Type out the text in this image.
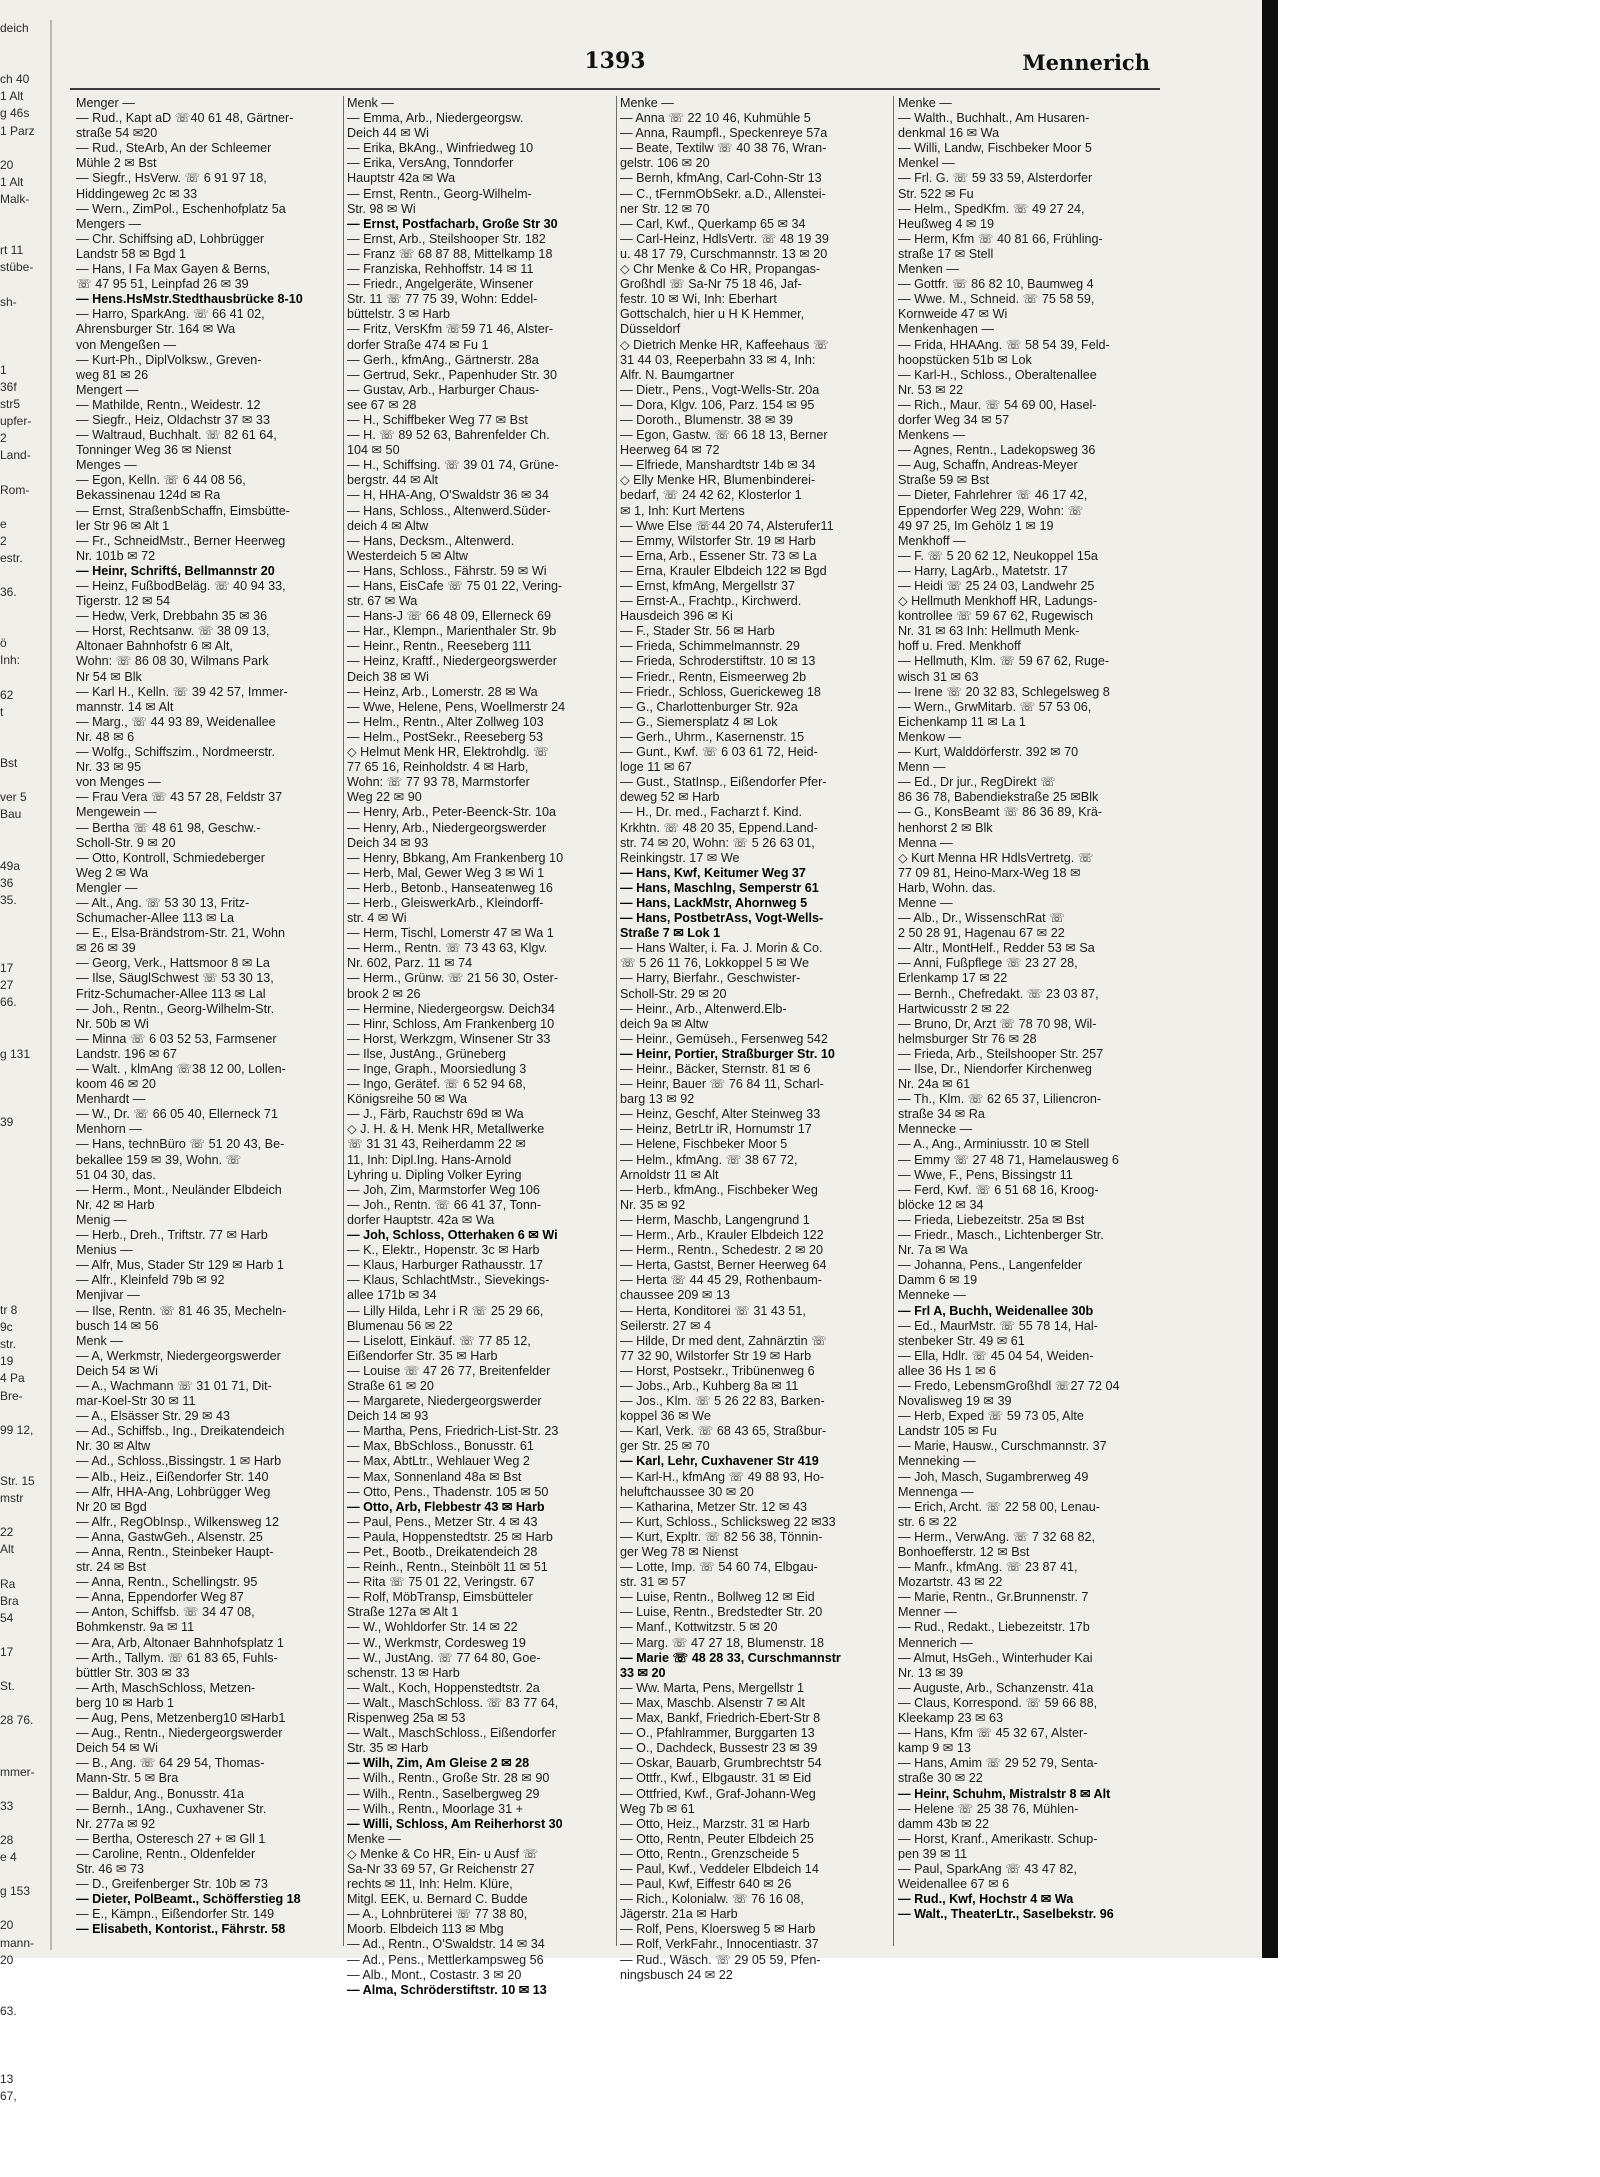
deich
ch 40
1 Alt
g 46s
1 Parz
20
1 Alt
Malk-
rt 11
stübe-
sh-
1
36f
str5
upfer-
2
Land-
Rom-
e
2
estr.
36.
ö
Inh:
62
t
Bst
ver 5
Bau
49a
36
35.
17
27
66.
g 131
39
tr 8
9c
str.
19
4 Pa
Bre-
99 12,
Str. 15
mstr
22
Alt
Ra
Bra
54
17
St.
28 76.
mmer-
33
28
e 4
g 153
20
mann-
20
63.
13
67,
1393	Mennerich
Menger —
— Rud., Kapt aD ☏40 61 48, Gärtner-
straße 54 ✉20
— Rud., SteArb, An der Schleemer
Mühle 2 ✉ Bst
— Siegfr., HsVerw. ☏ 6 91 97 18,
Hiddingeweg 2c ✉ 33
— Wern., ZimPol., Eschenhofplatz 5a
Mengers —
— Chr. Schiffsing aD, Lohbrügger
Landstr 58 ✉ Bgd 1
— Hans, I Fa Max Gayen & Berns,
☏ 47 95 51, Leinpfad 26 ✉ 39
— Hens.HsMstr.Stedthausbrücke 8-10
— Harro, SparkAng. ☏ 66 41 02,
Ahrensburger Str. 164 ✉ Wa
von Mengeßen —
— Kurt-Ph., DiplVolksw., Greven-
weg 81 ✉ 26
Mengert —
— Mathilde, Rentn., Weidestr. 12
— Siegfr., Heiz, Oldachstr 37 ✉ 33
— Waltraud, Buchhalt. ☏ 82 61 64,
Tonninger Weg 36 ✉ Nienst
Menges —
— Egon, Kelln. ☏ 6 44 08 56,
Bekassinenau 124d ✉ Ra
— Ernst, StraßenbSchaffn, Eimsbütte-
ler Str 96 ✉ Alt 1
— Fr., SchneidMstr., Berner Heerweg
Nr. 101b ✉ 72
— Heinr, Schriftś, Bellmannstr 20
— Heinz, FußbodBeläg. ☏ 40 94 33,
Tigerstr. 12 ✉ 54
— Hedw, Verk, Drebbahn 35 ✉ 36
— Horst, Rechtsanw. ☏ 38 09 13,
Altonaer Bahnhofstr 6 ✉ Alt,
Wohn: ☏ 86 08 30, Wilmans Park
Nr 54 ✉ Blk
— Karl H., Kelln. ☏ 39 42 57, Immer-
mannstr. 14 ✉ Alt
— Marg., ☏ 44 93 89, Weidenallee
Nr. 48 ✉ 6
— Wolfg., Schiffszim., Nordmeerstr.
Nr. 33 ✉ 95
von Menges —
— Frau Vera ☏ 43 57 28, Feldstr 37
Mengewein —
— Bertha ☏ 48 61 98, Geschw.-
Scholl-Str. 9 ✉ 20
— Otto, Kontroll, Schmiedeberger
Weg 2 ✉ Wa
Mengler —
— Alt., Ang. ☏ 53 30 13, Fritz-
Schumacher-Allee 113 ✉ La
— E., Elsa-Brändstrom-Str. 21, Wohn
✉ 26 ✉ 39
— Georg, Verk., Hattsmoor 8 ✉ La
— Ilse, SäuglSchwest ☏ 53 30 13,
Fritz-Schumacher-Allee 113 ✉ Lal
— Joh., Rentn., Georg-Wilhelm-Str.
Nr. 50b ✉ Wi
— Minna ☏ 6 03 52 53, Farmsener
Landstr. 196 ✉ 67
— Walt. , klmAng ☏38 12 00, Lollen-
koom 46 ✉ 20
Menhardt —
— W., Dr. ☏ 66 05 40, Ellerneck 71
Menhorn —
— Hans, technBüro ☏ 51 20 43, Be-
bekallee 159 ✉ 39, Wohn. ☏
51 04 30, das.
— Herm., Mont., Neuländer Elbdeich
Nr. 42 ✉ Harb
Menig —
— Herb., Dreh., Triftstr. 77 ✉ Harb
Menius —
— Alfr, Mus, Stader Str 129 ✉ Harb 1
— Alfr., Kleinfeld 79b ✉ 92
Menjivar —
— Ilse, Rentn. ☏ 81 46 35, Mecheln-
busch 14 ✉ 56
Menk —
— A, Werkmstr, Niedergeorgswerder
Deich 54 ✉ Wi
— A., Wachmann ☏ 31 01 71, Dit-
mar-Koel-Str 30 ✉ 11
— A., Elsässer Str. 29 ✉ 43
— Ad., Schiffsb., Ing., Dreikatendeich
Nr. 30 ✉ Altw
— Ad., Schloss.,Bissingstr. 1 ✉ Harb
— Alb., Heiz., Eißendorfer Str. 140
— Alfr, HHA-Ang, Lohbrügger Weg
Nr 20 ✉ Bgd
— Alfr., RegObInsp., Wilkensweg 12
— Anna, GastwGeh., Alsenstr. 25
— Anna, Rentn., Steinbeker Haupt-
str. 24 ✉ Bst
— Anna, Rentn., Schellingstr. 95
— Anna, Eppendorfer Weg 87
— Anton, Schiffsb. ☏ 34 47 08,
Bohmkenstr. 9a ✉ 11
— Ara, Arb, Altonaer Bahnhofsplatz 1
— Arth., Tallym. ☏ 61 83 65, Fuhls-
büttler Str. 303 ✉ 33
— Arth, MaschSchloss, Metzen-
berg 10 ✉ Harb 1
— Aug, Pens, Metzenberg10 ✉Harb1
— Aug., Rentn., Niedergeorgswerder
Deich 54 ✉ Wi
— B., Ang. ☏ 64 29 54, Thomas-
Mann-Str. 5 ✉ Bra
— Baldur, Ang., Bonusstr. 41a
— Bernh., 1Ang., Cuxhavener Str.
Nr. 277a ✉ 92
— Bertha, Osteresch 27 + ✉ Gll 1
— Caroline, Rentn., Oldenfelder
Str. 46 ✉ 73
— D., Greifenberger Str. 10b ✉ 73
— Dieter, PolBeamt., Schöfferstieg 18
— E., Kämpn., Eißendorfer Str. 149
— Elisabeth, Kontorist., Fährstr. 58
Menk —
— Emma, Arb., Niedergeorgsw.
Deich 44 ✉ Wi
— Erika, BkAng., Winfriedweg 10
— Erika, VersAng, Tonndorfer
Hauptstr 42a ✉ Wa
— Ernst, Rentn., Georg-Wilhelm-
Str. 98 ✉ Wi
— Ernst, Postfacharb, Große Str 30
— Ernst, Arb., Steilshooper Str. 182
— Franz ☏ 68 87 88, Mittelkamp 18
— Franziska, Rehhoffstr. 14 ✉ 11
— Friedr., Angelgeräte, Winsener
Str. 11 ☏ 77 75 39, Wohn: Eddel-
büttelstr. 3 ✉ Harb
— Fritz, VersKfm ☏59 71 46, Alster-
dorfer Straße 474 ✉ Fu 1
— Gerh., kfmAng., Gärtnerstr. 28a
— Gertrud, Sekr., Papenhuder Str. 30
— Gustav, Arb., Harburger Chaus-
see 67 ✉ 28
— H., Schiffbeker Weg 77 ✉ Bst
— H. ☏ 89 52 63, Bahrenfelder Ch.
104 ✉ 50
— H., Schiffsing. ☏ 39 01 74, Grüne-
bergstr. 44 ✉ Alt
— H, HHA-Ang, O'Swaldstr 36 ✉ 34
— Hans, Schloss., Altenwerd.Süder-
deich 4 ✉ Altw
— Hans, Decksm., Altenwerd.
Westerdeich 5 ✉ Altw
— Hans, Schloss., Fährstr. 59 ✉ Wi
— Hans, EisCafe ☏ 75 01 22, Vering-
str. 67 ✉ Wa
— Hans-J ☏ 66 48 09, Ellerneck 69
— Har., Klempn., Marienthaler Str. 9b
— Heinr., Rentn., Reeseberg 111
— Heinz, Kraftf., Niedergeorgswerder
Deich 38 ✉ Wi
— Heinz, Arb., Lomerstr. 28 ✉ Wa
— Wwe, Helene, Pens, Woellmerstr 24
— Helm., Rentn., Alter Zollweg 103
— Helm., PostSekr., Reeseberg 53
◇ Helmut Menk HR, Elektrohdlg. ☏
77 65 16, Reinholdstr. 4 ✉ Harb,
Wohn: ☏ 77 93 78, Marmstorfer
Weg 22 ✉ 90
— Henry, Arb., Peter-Beenck-Str. 10a
— Henry, Arb., Niedergeorgswerder
Deich 34 ✉ 93
— Henry, Bbkang, Am Frankenberg 10
— Herb, Mal, Gewer Weg 3 ✉ Wi 1
— Herb., Betonb., Hanseatenweg 16
— Herb., GleiswerkArb., Kleindorff-
str. 4 ✉ Wi
— Herm, Tischl, Lomerstr 47 ✉ Wa 1
— Herm., Rentn. ☏ 73 43 63, Klgv.
Nr. 602, Parz. 11 ✉ 74
— Herm., Grünw. ☏ 21 56 30, Oster-
brook 2 ✉ 26
— Hermine, Niedergeorgsw. Deich34
— Hinr, Schloss, Am Frankenberg 10
— Horst, Werkzgm, Winsener Str 33
— Ilse, JustAng., Grüneberg
— Inge, Graph., Moorsiedlung 3
— Ingo, Gerätef. ☏ 6 52 94 68,
Königsreihe 50 ✉ Wa
— J., Färb, Rauchstr 69d ✉ Wa
◇ J. H. & H. Menk HR, Metallwerke
☏ 31 31 43, Reiherdamm 22 ✉
11, Inh: Dipl.Ing. Hans-Arnold
Lyhring u. Dipling Volker Eyring
— Joh, Zim, Marmstorfer Weg 106
— Joh., Rentn. ☏ 66 41 37, Tonn-
dorfer Hauptstr. 42a ✉ Wa
— Joh, Schloss, Otterhaken 6 ✉ Wi
— K., Elektr., Hopenstr. 3c ✉ Harb
— Klaus, Harburger Rathausstr. 17
— Klaus, SchlachtMstr., Sievekings-
allee 171b ✉ 34
— Lilly Hilda, Lehr i R ☏ 25 29 66,
Blumenau 56 ✉ 22
— Liselott, Einkäuf. ☏ 77 85 12,
Eißendorfer Str. 35 ✉ Harb
— Louise ☏ 47 26 77, Breitenfelder
Straße 61 ✉ 20
— Margarete, Niedergeorgswerder
Deich 14 ✉ 93
— Martha, Pens, Friedrich-List-Str. 23
— Max, BbSchloss., Bonusstr. 61
— Max, AbtLtr., Wehlauer Weg 2
— Max, Sonnenland 48a ✉ Bst
— Otto, Pens., Thadenstr. 105 ✉ 50
— Otto, Arb, Flebbestr 43 ✉ Harb
— Paul, Pens., Metzer Str. 4 ✉ 43
— Paula, Hoppenstedtstr. 25 ✉ Harb
— Pet., Bootb., Dreikatendeich 28
— Reinh., Rentn., Steinbölt 11 ✉ 51
— Rita ☏ 75 01 22, Veringstr. 67
— Rolf, MöbTransp, Eimsbütteler
Straße 127a ✉ Alt 1
— W., Wohldorfer Str. 14 ✉ 22
— W., Werkmstr, Cordesweg 19
— W., JustAng. ☏ 77 64 80, Goe-
schenstr. 13 ✉ Harb
— Walt., Koch, Hoppenstedtstr. 2a
— Walt., MaschSchloss. ☏ 83 77 64,
Rispenweg 25a ✉ 53
— Walt., MaschSchloss., Eißendorfer
Str. 35 ✉ Harb
— Wilh, Zim, Am Gleise 2 ✉ 28
— Wilh., Rentn., Große Str. 28 ✉ 90
— Wilh., Rentn., Saselbergweg 29
— Wilh., Rentn., Moorlage 31 +
— Willi, Schloss, Am Reiherhorst 30
Menke —
◇ Menke & Co HR, Ein- u Ausf ☏
Sa-Nr 33 69 57, Gr Reichenstr 27
rechts ✉ 11, Inh: Helm. Klüre,
Mitgl. EEK, u. Bernard C. Budde
— A., Lohnbrüterei ☏ 77 38 80,
Moorb. Elbdeich 113 ✉ Mbg
— Ad., Rentn., O'Swaldstr. 14 ✉ 34
— Ad., Pens., Mettlerkampsweg 56
— Alb., Mont., Costastr. 3 ✉ 20
— Alma, Schröderstiftstr. 10 ✉ 13
Menke —
— Anna ☏ 22 10 46, Kuhmühle 5
— Anna, Raumpfl., Speckenreye 57a
— Beate, Textilw ☏ 40 38 76, Wran-
gelstr. 106 ✉ 20
— Bernh, kfmAng, Carl-Cohn-Str 13
— C., tFernmObSekr. a.D., Allenstei-
ner Str. 12 ✉ 70
— Carl, Kwf., Querkamp 65 ✉ 34
— Carl-Heinz, HdlsVertr. ☏ 48 19 39
u. 48 17 79, Curschmannstr. 13 ✉ 20
◇ Chr Menke & Co HR, Propangas-
Großhdl ☏ Sa-Nr 75 18 46, Jaf-
festr. 10 ✉ Wi, Inh: Eberhart
Gottschalch, hier u H K Hemmer,
Düsseldorf
◇ Dietrich Menke HR, Kaffeehaus ☏
31 44 03, Reeperbahn 33 ✉ 4, Inh:
Alfr. N. Baumgartner
— Dietr., Pens., Vogt-Wells-Str. 20a
— Dora, Klgv. 106, Parz. 154 ✉ 95
— Doroth., Blumenstr. 38 ✉ 39
— Egon, Gastw. ☏ 66 18 13, Berner
Heerweg 64 ✉ 72
— Elfriede, Manshardtstr 14b ✉ 34
◇ Elly Menke HR, Blumenbinderei-
bedarf, ☏ 24 42 62, Klosterlor 1
✉ 1, Inh: Kurt Mertens
— Wwe Else ☏44 20 74, Alsterufer11
— Emmy, Wilstorfer Str. 19 ✉ Harb
— Erna, Arb., Essener Str. 73 ✉ La
— Erna, Krauler Elbdeich 122 ✉ Bgd
— Ernst, kfmAng, Mergellstr 37
— Ernst-A., Frachtp., Kirchwerd.
Hausdeich 396 ✉ Ki
— F., Stader Str. 56 ✉ Harb
— Frieda, Schimmelmannstr. 29
— Frieda, Schroderstiftstr. 10 ✉ 13
— Friedr., Rentn, Eismeerweg 2b
— Friedr., Schloss, Guerickeweg 18
— G., Charlottenburger Str. 92a
— G., Siemersplatz 4 ✉ Lok
— Gerh., Uhrm., Kasernenstr. 15
— Gunt., Kwf. ☏ 6 03 61 72, Heid-
loge 11 ✉ 67
— Gust., StatInsp., Eißendorfer Pfer-
deweg 52 ✉ Harb
— H., Dr. med., Facharzt f. Kind.
Krkhtn. ☏ 48 20 35, Eppend.Land-
str. 74 ✉ 20, Wohn: ☏ 5 26 63 01,
Reinkingstr. 17 ✉ We
— Hans, Kwf, Keitumer Weg 37
— Hans, Maschlng, Semperstr 61
— Hans, LackMstr, Ahornweg 5
— Hans, PostbetrAss, Vogt-Wells-
Straße 7 ✉ Lok 1
— Hans Walter, i. Fa. J. Morin & Co.
☏ 5 26 11 76, Lokkoppel 5 ✉ We
— Harry, Bierfahr., Geschwister-
Scholl-Str. 29 ✉ 20
— Heinr., Arb., Altenwerd.Elb-
deich 9a ✉ Altw
— Heinr., Gemüseh., Fersenweg 542
— Heinr, Portier, Straßburger Str. 10
— Heinr., Bäcker, Sternstr. 81 ✉ 6
— Heinr, Bauer ☏ 76 84 11, Scharl-
barg 13 ✉ 92
— Heinz, Geschf, Alter Steinweg 33
— Heinz, BetrLtr iR, Hornumstr 17
— Helene, Fischbeker Moor 5
— Helm., kfmAng. ☏ 38 67 72,
Arnoldstr 11 ✉ Alt
— Herb., kfmAng., Fischbeker Weg
Nr. 35 ✉ 92
— Herm, Maschb, Langengrund 1
— Herm., Arb., Krauler Elbdeich 122
— Herm., Rentn., Schedestr. 2 ✉ 20
— Herta, Gastst, Berner Heerweg 64
— Herta ☏ 44 45 29, Rothenbaum-
chaussee 209 ✉ 13
— Herta, Konditorei ☏ 31 43 51,
Seilerstr. 27 ✉ 4
— Hilde, Dr med dent, Zahnärztin ☏
77 32 90, Wilstorfer Str 19 ✉ Harb
— Horst, Postsekr., Tribünenweg 6
— Jobs., Arb., Kuhberg 8a ✉ 11
— Jos., Klm. ☏ 5 26 22 83, Barken-
koppel 36 ✉ We
— Karl, Verk. ☏ 68 43 65, Straßbur-
ger Str. 25 ✉ 70
— Karl, Lehr, Cuxhavener Str 419
— Karl-H., kfmAng ☏ 49 88 93, Ho-
heluftchaussee 30 ✉ 20
— Katharina, Metzer Str. 12 ✉ 43
— Kurt, Schloss., Schlicksweg 22 ✉33
— Kurt, Expltr. ☏ 82 56 38, Tönnin-
ger Weg 78 ✉ Nienst
— Lotte, Imp. ☏ 54 60 74, Elbgau-
str. 31 ✉ 57
— Luise, Rentn., Bollweg 12 ✉ Eid
— Luise, Rentn., Bredstedter Str. 20
— Manf., Kottwitzstr. 5 ✉ 20
— Marg. ☏ 47 27 18, Blumenstr. 18
— Marie ☏ 48 28 33, Curschmannstr
33 ✉ 20
— Ww. Marta, Pens, Mergellstr 1
— Max, Maschb. Alsenstr 7 ✉ Alt
— Max, Bankf, Friedrich-Ebert-Str 8
— O., Pfahlrammer, Burggarten 13
— O., Dachdeck, Bussestr 23 ✉ 39
— Oskar, Bauarb, Grumbrechtstr 54
— Ottfr., Kwf., Elbgaustr. 31 ✉ Eid
— Ottfried, Kwf., Graf-Johann-Weg
Weg 7b ✉ 61
— Otto, Heiz., Marzstr. 31 ✉ Harb
— Otto, Rentn, Peuter Elbdeich 25
— Otto, Rentn., Grenzscheide 5
— Paul, Kwf., Veddeler Elbdeich 14
— Paul, Kwf, Eiffestr 640 ✉ 26
— Rich., Kolonialw. ☏ 76 16 08,
Jägerstr. 21a ✉ Harb
— Rolf, Pens, Kloersweg 5 ✉ Harb
— Rolf, VerkFahr., Innocentiastr. 37
— Rud., Wäsch. ☏ 29 05 59, Pfen-
ningsbusch 24 ✉ 22
Menke —
— Walth., Buchhalt., Am Husaren-
denkmal 16 ✉ Wa
— Willi, Landw, Fischbeker Moor 5
Menkel —
— Frl. G. ☏ 59 33 59, Alsterdorfer
Str. 522 ✉ Fu
— Helm., SpedKfm. ☏ 49 27 24,
Heußweg 4 ✉ 19
— Herm, Kfm ☏ 40 81 66, Frühling-
straße 17 ✉ Stell
Menken —
— Gottfr. ☏ 86 82 10, Baumweg 4
— Wwe. M., Schneid. ☏ 75 58 59,
Kornweide 47 ✉ Wi
Menkenhagen —
— Frida, HHAAng. ☏ 58 54 39, Feld-
hoopstücken 51b ✉ Lok
— Karl-H., Schloss., Oberaltenallee
Nr. 53 ✉ 22
— Rich., Maur. ☏ 54 69 00, Hasel-
dorfer Weg 34 ✉ 57
Menkens —
— Agnes, Rentn., Ladekopsweg 36
— Aug, Schaffn, Andreas-Meyer
Straße 59 ✉ Bst
— Dieter, Fahrlehrer ☏ 46 17 42,
Eppendorfer Weg 229, Wohn: ☏
49 97 25, Im Gehölz 1 ✉ 19
Menkhoff —
— F. ☏ 5 20 62 12, Neukoppel 15a
— Harry, LagArb., Matetstr. 17
— Heidi ☏ 25 24 03, Landwehr 25
◇ Hellmuth Menkhoff HR, Ladungs-
kontrollee ☏ 59 67 62, Rugewisch
Nr. 31 ✉ 63 Inh: Hellmuth Menk-
hoff u. Fred. Menkhoff
— Hellmuth, Klm. ☏ 59 67 62, Ruge-
wisch 31 ✉ 63
— Irene ☏ 20 32 83, Schlegelsweg 8
— Wern., GrwMitarb. ☏ 57 53 06,
Eichenkamp 11 ✉ La 1
Menkow —
— Kurt, Walddörferstr. 392 ✉ 70
Menn —
— Ed., Dr jur., RegDirekt ☏
86 36 78, Babendiekstraße 25 ✉Blk
— G., KonsBeamt ☏ 86 36 89, Krä-
henhorst 2 ✉ Blk
Menna —
◇ Kurt Menna HR HdlsVertretg. ☏
77 09 81, Heino-Marx-Weg 18 ✉
Harb, Wohn. das.
Menne —
— Alb., Dr., WissenschRat ☏
2 50 28 91, Hagenau 67 ✉ 22
— Altr., MontHelf., Redder 53 ✉ Sa
— Anni, Fußpflege ☏ 23 27 28,
Erlenkamp 17 ✉ 22
— Bernh., Chefredakt. ☏ 23 03 87,
Hartwicusstr 2 ✉ 22
— Bruno, Dr, Arzt ☏ 78 70 98, Wil-
helmsburger Str 76 ✉ 28
— Frieda, Arb., Steilshooper Str. 257
— Ilse, Dr., Niendorfer Kirchenweg
Nr. 24a ✉ 61
— Th., Klm. ☏ 62 65 37, Liliencron-
straße 34 ✉ Ra
Mennecke —
— A., Ang., Arminiusstr. 10 ✉ Stell
— Emmy ☏ 27 48 71, Hamelausweg 6
— Wwe, F., Pens, Bissingstr 11
— Ferd, Kwf. ☏ 6 51 68 16, Kroog-
blöcke 12 ✉ 34
— Frieda, Liebezeitstr. 25a ✉ Bst
— Friedr., Masch., Lichtenberger Str.
Nr. 7a ✉ Wa
— Johanna, Pens., Langenfelder
Damm 6 ✉ 19
Menneke —
— Frl A, Buchh, Weidenallee 30b
— Ed., MaurMstr. ☏ 55 78 14, Hal-
stenbeker Str. 49 ✉ 61
— Ella, Hdlr. ☏ 45 04 54, Weiden-
allee 36 Hs 1 ✉ 6
— Fredo, LebensmGroßhdl ☏27 72 04
Novalisweg 19 ✉ 39
— Herb, Exped ☏ 59 73 05, Alte
Landstr 105 ✉ Fu
— Marie, Hausw., Curschmannstr. 37
Menneking —
— Joh, Masch, Sugambrerweg 49
Mennenga —
— Erich, Archt. ☏ 22 58 00, Lenau-
str. 6 ✉ 22
— Herm., VerwAng. ☏ 7 32 68 82,
Bonhoefferstr. 12 ✉ Bst
— Manfr., kfmAng. ☏ 23 87 41,
Mozartstr. 43 ✉ 22
— Marie, Rentn., Gr.Brunnenstr. 7
Menner —
— Rud., Redakt., Liebezeitstr. 17b
Mennerich —
— Almut, HsGeh., Winterhuder Kai
Nr. 13 ✉ 39
— Auguste, Arb., Schanzenstr. 41a
— Claus, Korrespond. ☏ 59 66 88,
Kleekamp 23 ✉ 63
— Hans, Kfm ☏ 45 32 67, Alster-
kamp 9 ✉ 13
— Hans, Amim ☏ 29 52 79, Senta-
straße 30 ✉ 22
— Heinr, Schuhm, Mistralstr 8 ✉ Alt
— Helene ☏ 25 38 76, Mühlen-
damm 43b ✉ 22
— Horst, Kranf., Amerikastr. Schup-
pen 39 ✉ 11
— Paul, SparkAng ☏ 43 47 82,
Weidenallee 67 ✉ 6
— Rud., Kwf, Hochstr 4 ✉ Wa
— Walt., TheaterLtr., Saselbekstr. 96
